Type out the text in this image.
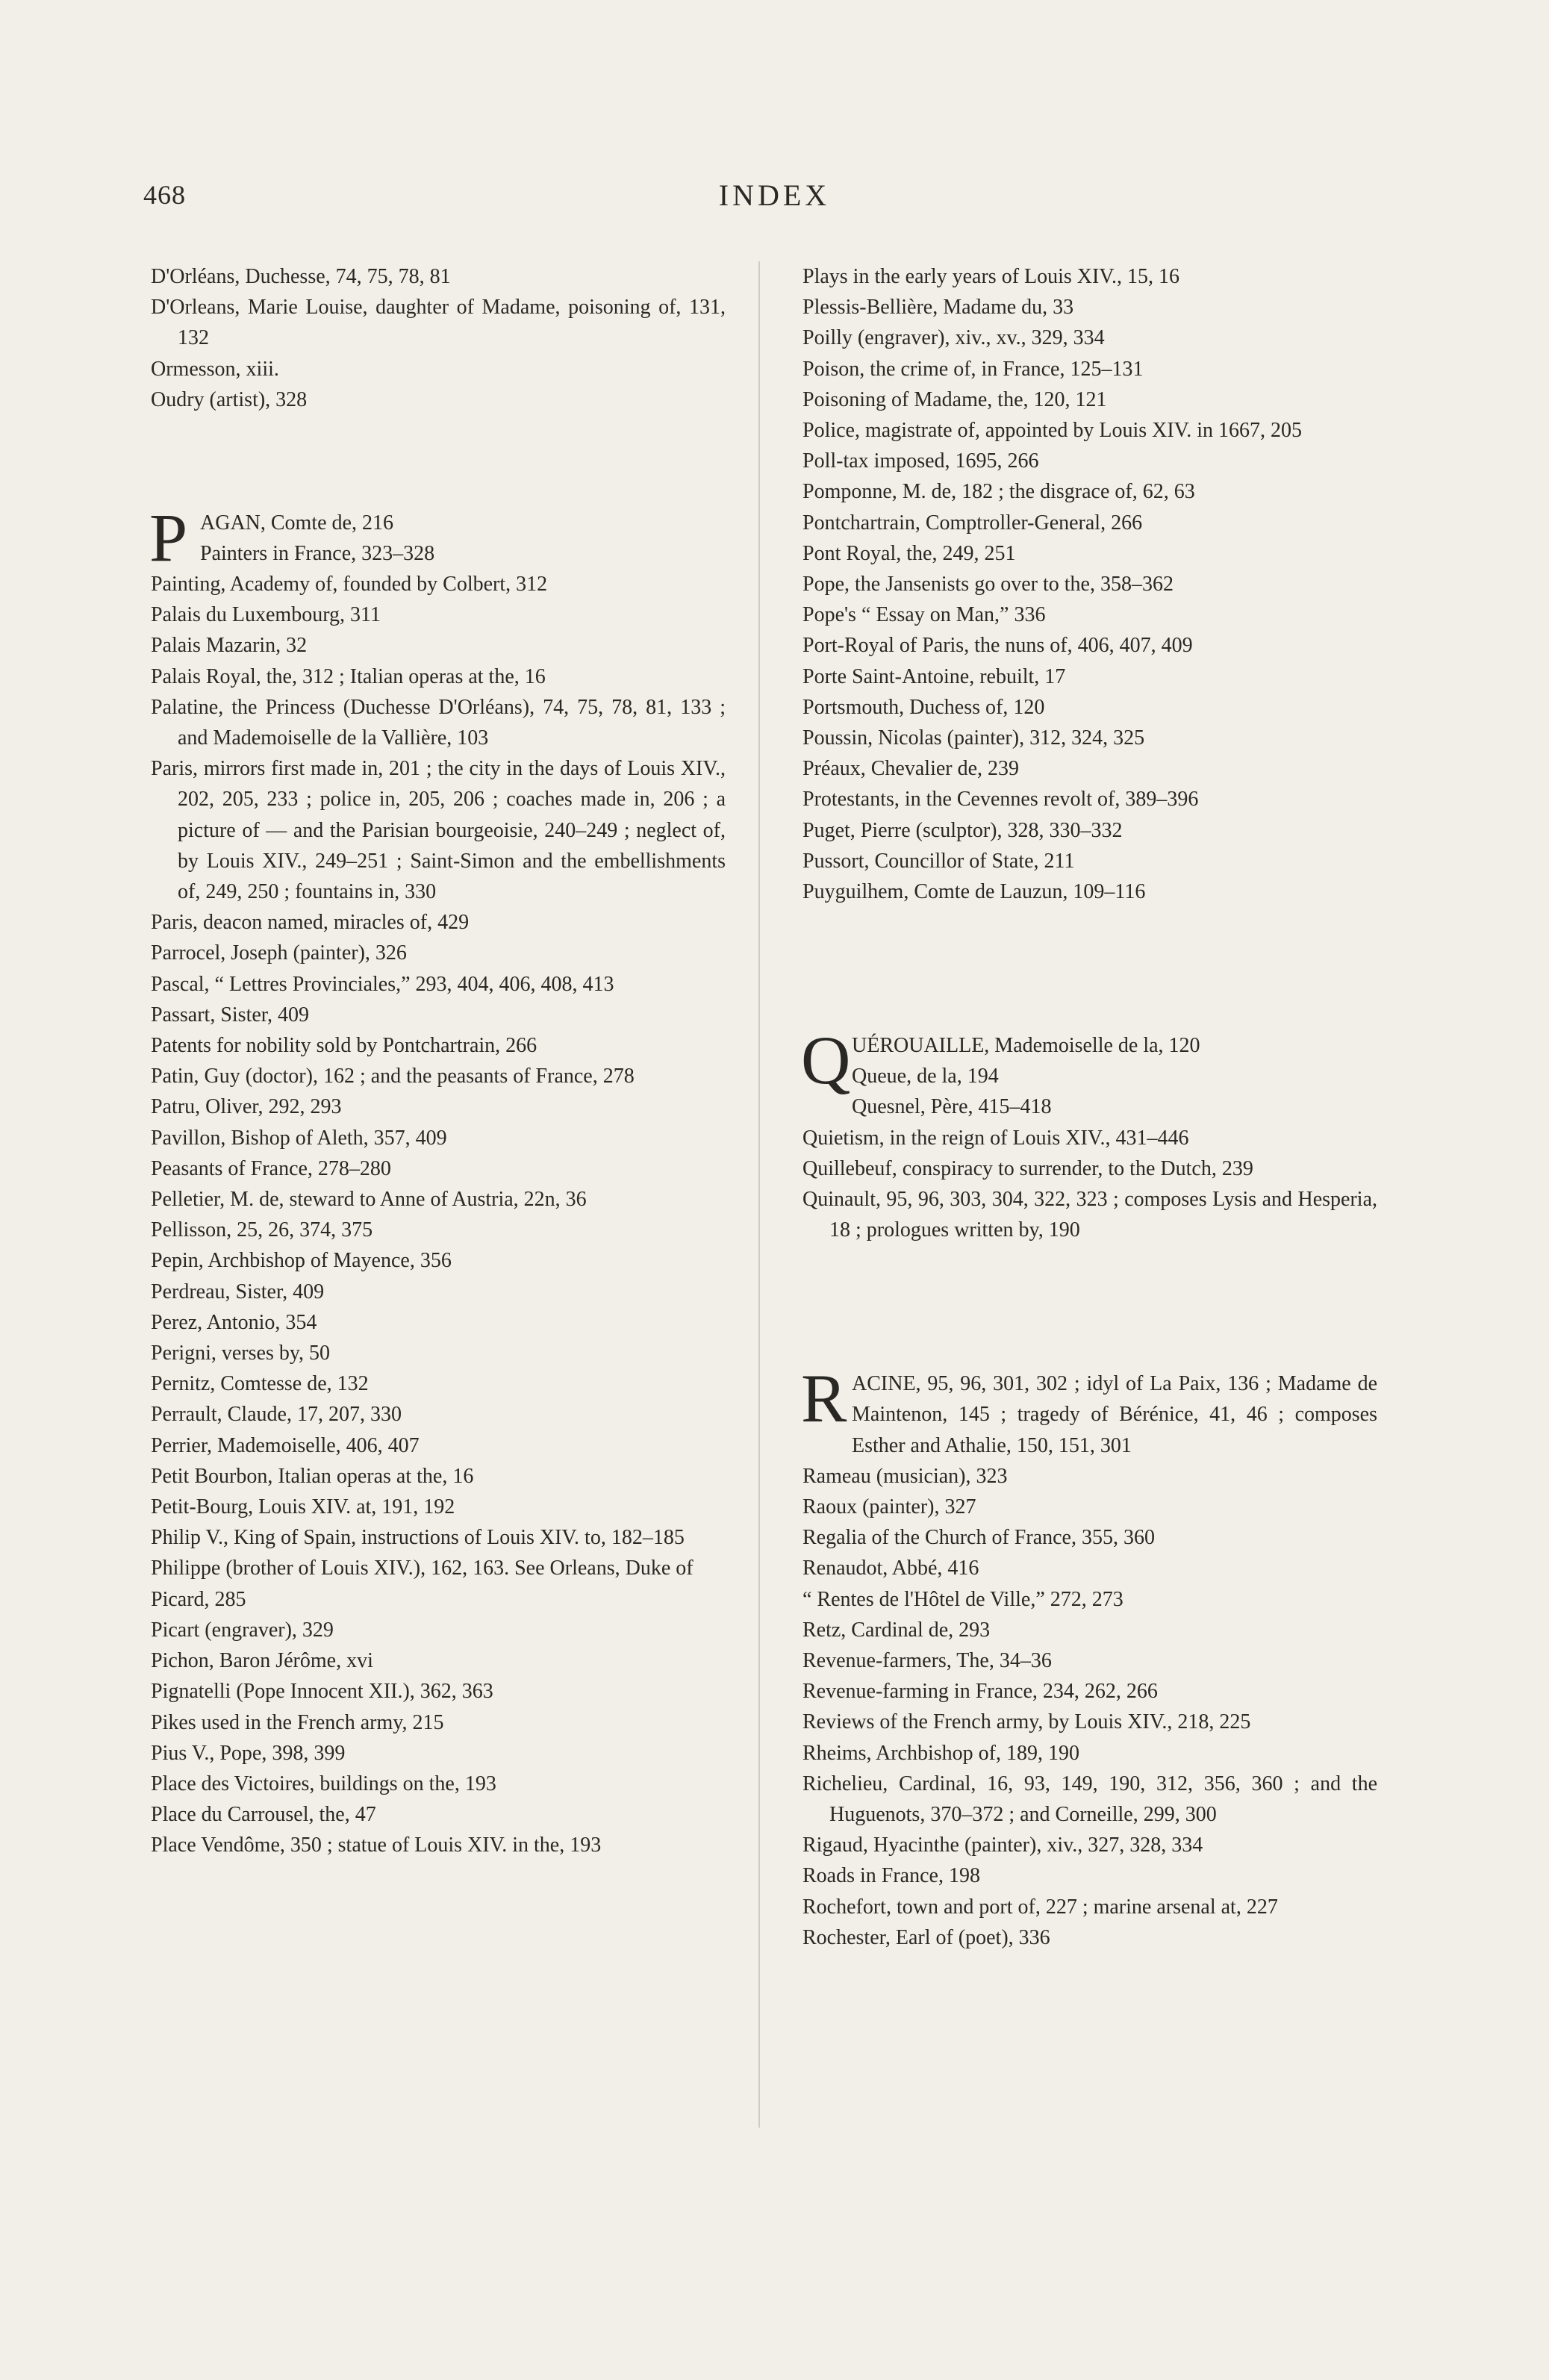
468	INDEX
D'Orléans, Duchesse, 74, 75, 78, 81
D'Orleans, Marie Louise, daughter of Madame, poisoning of, 131, 132
Ormesson, xiii.
Oudry (artist), 328
P AGAN, Comte de, 216
Painters in France, 323–328
Painting, Academy of, founded by Colbert, 312
Palais du Luxembourg, 311
Palais Mazarin, 32
Palais Royal, the, 312 ; Italian operas at the, 16
Palatine, the Princess (Duchesse D'Orléans), 74, 75, 78, 81, 133 ; and Mademoiselle de la Vallière, 103
Paris, mirrors first made in, 201 ; the city in the days of Louis XIV., 202, 205, 233 ; police in, 205, 206 ; coaches made in, 206 ; a picture of — and the Parisian bourgeoisie, 240–249 ; neglect of, by Louis XIV., 249–251 ; Saint-Simon and the embellishments of, 249, 250 ; fountains in, 330
Paris, deacon named, miracles of, 429
Parrocel, Joseph (painter), 326
Pascal, “ Lettres Provinciales,” 293, 404, 406, 408, 413
Passart, Sister, 409
Patents for nobility sold by Pontchartrain, 266
Patin, Guy (doctor), 162 ; and the peasants of France, 278
Patru, Oliver, 292, 293
Pavillon, Bishop of Aleth, 357, 409
Peasants of France, 278–280
Pelletier, M. de, steward to Anne of Austria, 22n, 36
Pellisson, 25, 26, 374, 375
Pepin, Archbishop of Mayence, 356
Perdreau, Sister, 409
Perez, Antonio, 354
Perigni, verses by, 50
Pernitz, Comtesse de, 132
Perrault, Claude, 17, 207, 330
Perrier, Mademoiselle, 406, 407
Petit Bourbon, Italian operas at the, 16
Petit-Bourg, Louis XIV. at, 191, 192
Philip V., King of Spain, instructions of Louis XIV. to, 182–185
Philippe (brother of Louis XIV.), 162, 163. See Orleans, Duke of
Picard, 285
Picart (engraver), 329
Pichon, Baron Jérôme, xvi
Pignatelli (Pope Innocent XII.), 362, 363
Pikes used in the French army, 215
Pius V., Pope, 398, 399
Place des Victoires, buildings on the, 193
Place du Carrousel, the, 47
Place Vendôme, 350 ; statue of Louis XIV. in the, 193
Plays in the early years of Louis XIV., 15, 16
Plessis-Bellière, Madame du, 33
Poilly (engraver), xiv., xv., 329, 334
Poison, the crime of, in France, 125–131
Poisoning of Madame, the, 120, 121
Police, magistrate of, appointed by Louis XIV. in 1667, 205
Poll-tax imposed, 1695, 266
Pomponne, M. de, 182 ; the disgrace of, 62, 63
Pontchartrain, Comptroller-General, 266
Pont Royal, the, 249, 251
Pope, the Jansenists go over to the, 358–362
Pope's “ Essay on Man,” 336
Port-Royal of Paris, the nuns of, 406, 407, 409
Porte Saint-Antoine, rebuilt, 17
Portsmouth, Duchess of, 120
Poussin, Nicolas (painter), 312, 324, 325
Préaux, Chevalier de, 239
Protestants, in the Cevennes revolt of, 389–396
Puget, Pierre (sculptor), 328, 330–332
Pussort, Councillor of State, 211
Puyguilhem, Comte de Lauzun, 109–116
Q UÉROUAILLE, Mademoiselle de la, 120
Queue, de la, 194
Quesnel, Père, 415–418
Quietism, in the reign of Louis XIV., 431–446
Quillebeuf, conspiracy to surrender, to the Dutch, 239
Quinault, 95, 96, 303, 304, 322, 323 ; composes Lysis and Hesperia, 18 ; prologues written by, 190
R ACINE, 95, 96, 301, 302 ; idyl of La Paix, 136 ; Madame de Maintenon, 145 ; tragedy of Bérénice, 41, 46 ; composes Esther and Athalie, 150, 151, 301
Rameau (musician), 323
Raoux (painter), 327
Regalia of the Church of France, 355, 360
Renaudot, Abbé, 416
“ Rentes de l'Hôtel de Ville,” 272, 273
Retz, Cardinal de, 293
Revenue-farmers, The, 34–36
Revenue-farming in France, 234, 262, 266
Reviews of the French army, by Louis XIV., 218, 225
Rheims, Archbishop of, 189, 190
Richelieu, Cardinal, 16, 93, 149, 190, 312, 356, 360 ; and the Huguenots, 370–372 ; and Corneille, 299, 300
Rigaud, Hyacinthe (painter), xiv., 327, 328, 334
Roads in France, 198
Rochefort, town and port of, 227 ; marine arsenal at, 227
Rochester, Earl of (poet), 336
